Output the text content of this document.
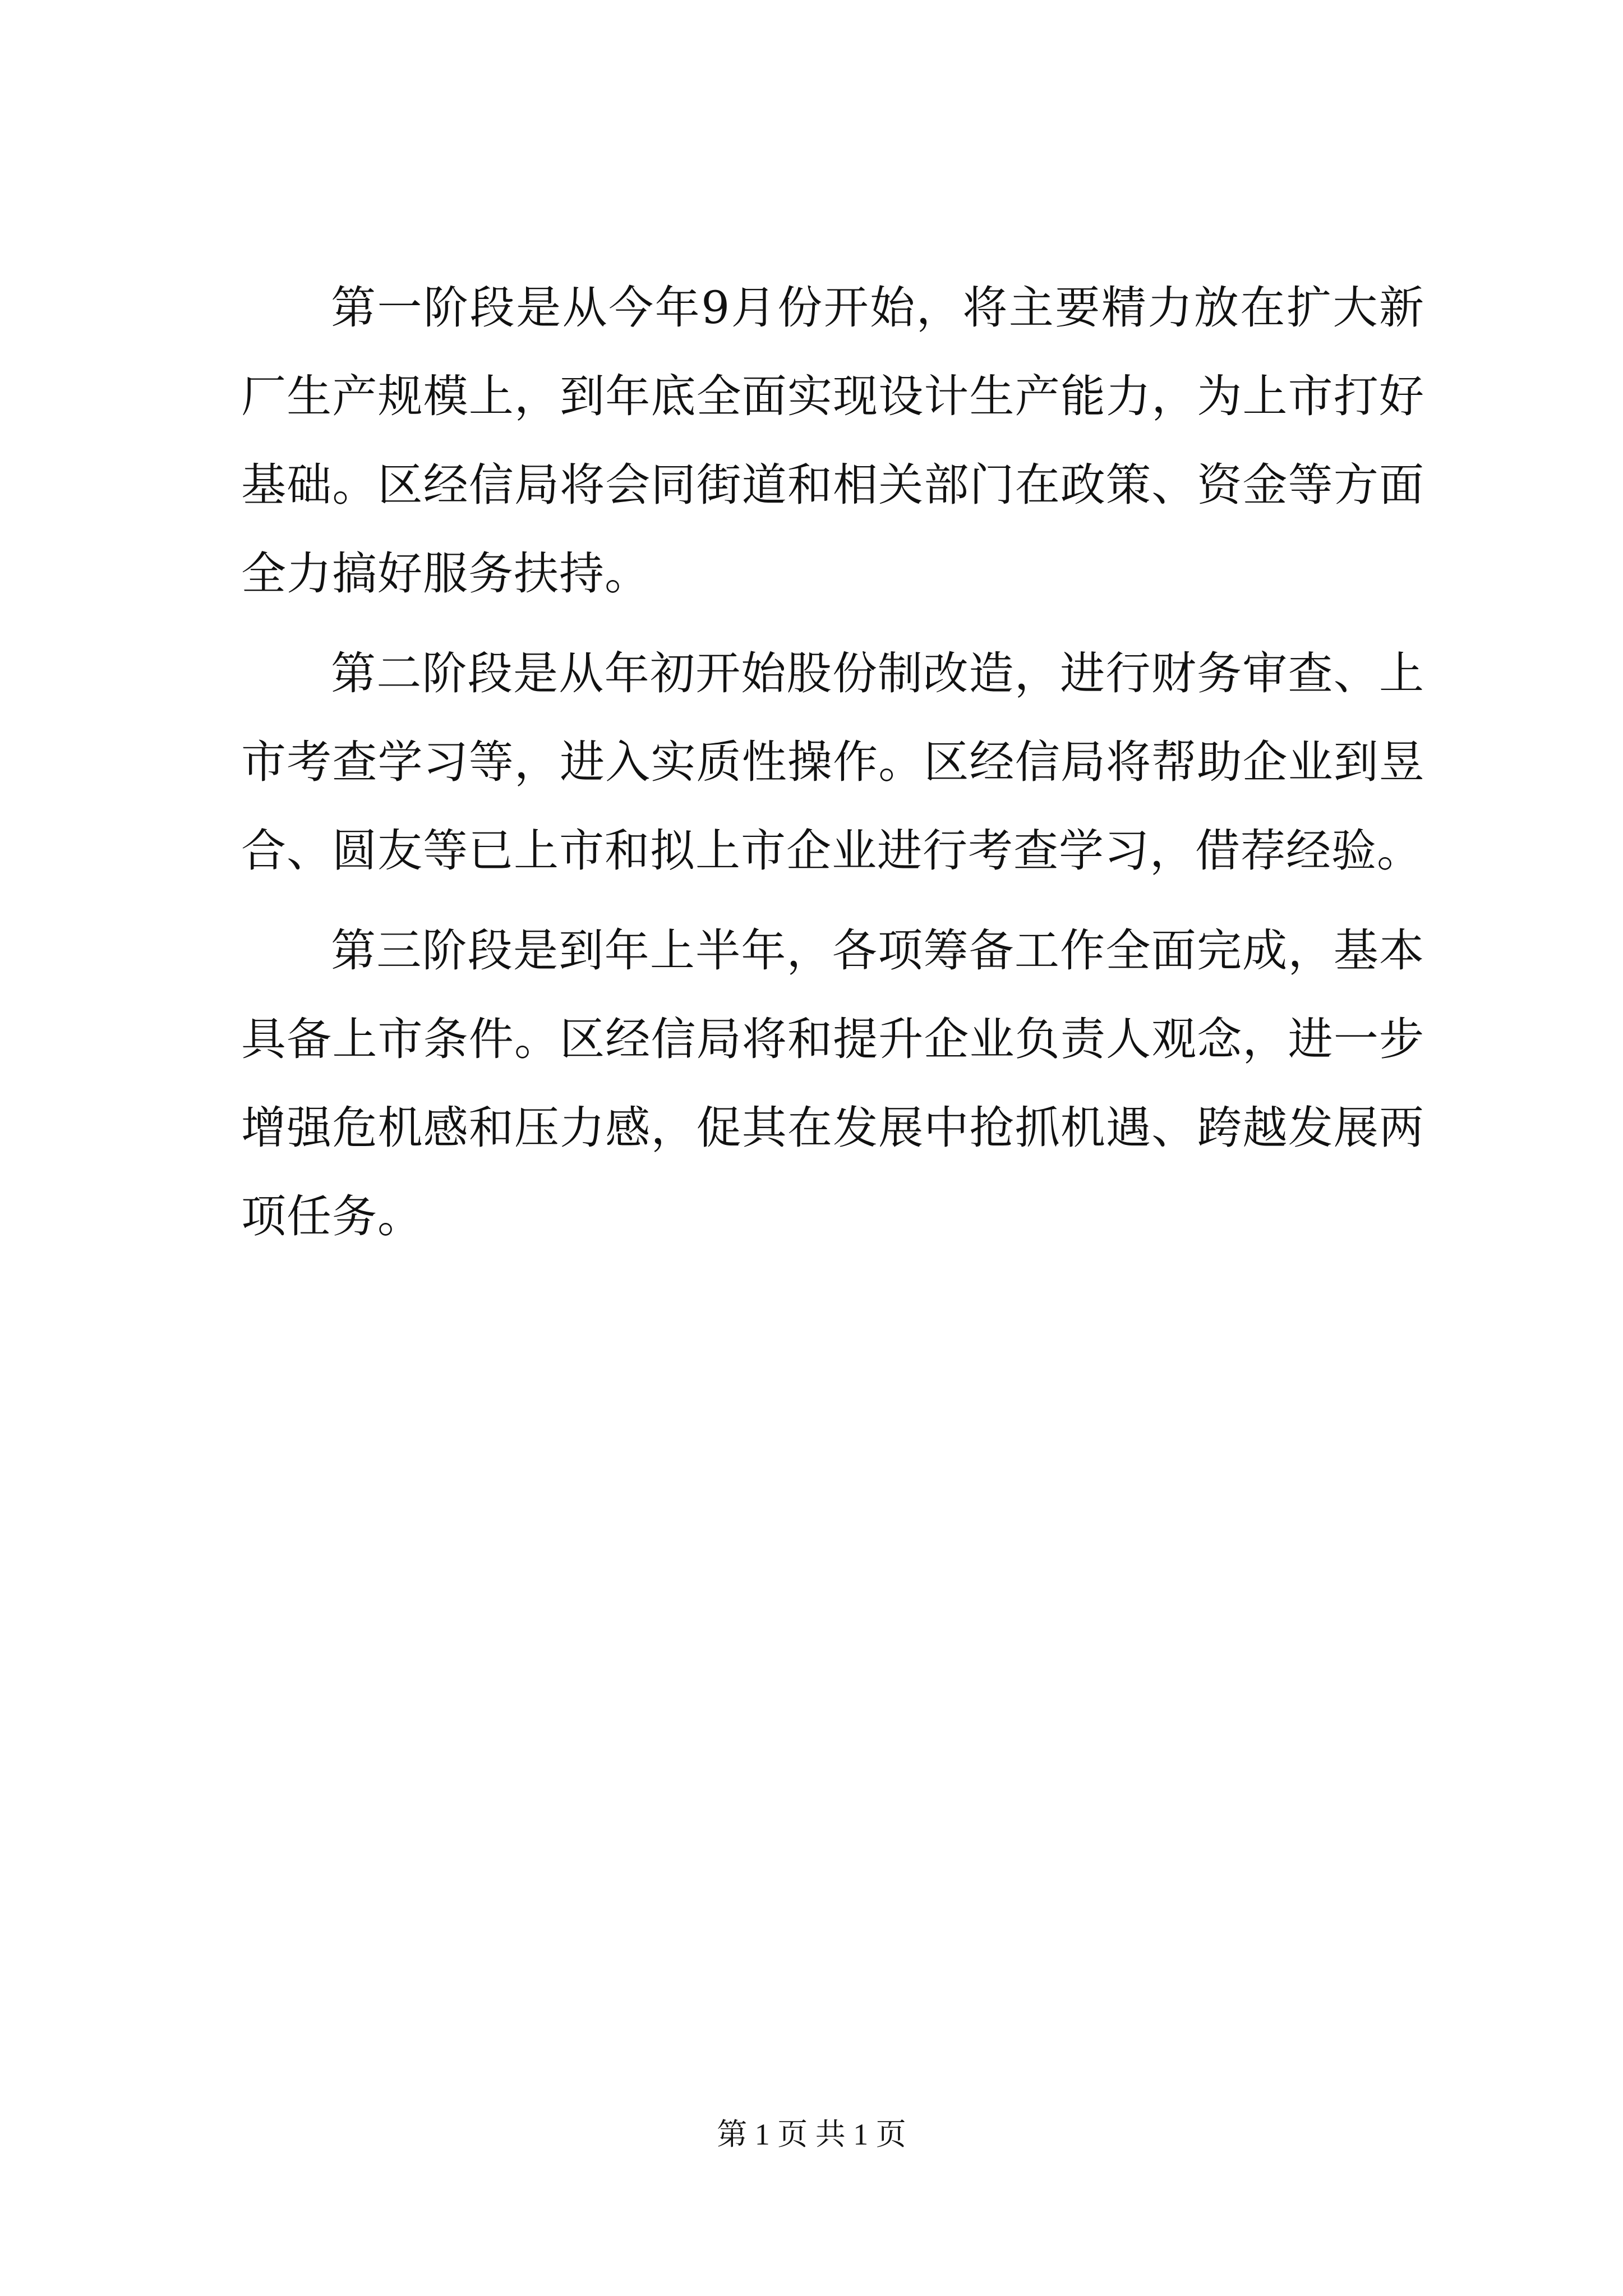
第一阶段是从今年9月份开始，将主要精力放在扩大新厂生产规模上，到年底全面实现设计生产能力，为上市打好基础。区经信局将会同街道和相关部门在政策、资金等方面全力搞好服务扶持。

第二阶段是从年初开始股份制改造，进行财务审查、上市考查学习等，进入实质性操作。区经信局将帮助企业到昱合、圆友等已上市和拟上市企业进行考查学习，借荐经验。

第三阶段是到年上半年，各项筹备工作全面完成，基本具备上市条件。区经信局将和提升企业负责人观念，进一步增强危机感和压力感，促其在发展中抢抓机遇、跨越发展两项任务。

第 1 页 共 1 页
